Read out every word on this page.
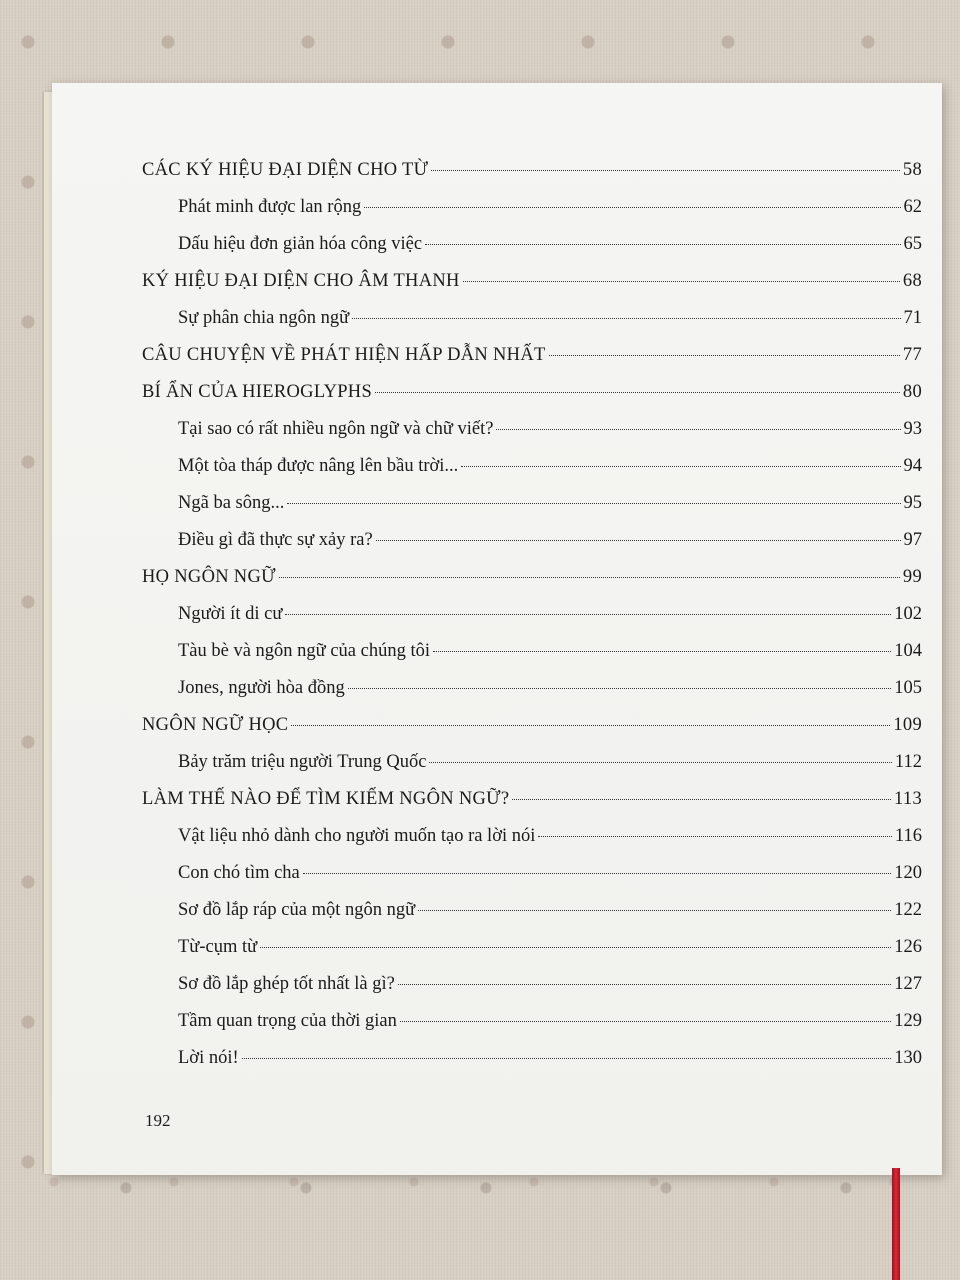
CÁC KÝ HIỆU ĐẠI DIỆN CHO TỪ	58
Phát minh được lan rộng	62
Dấu hiệu đơn giản hóa công việc	65
KÝ HIỆU ĐẠI DIỆN CHO ÂM THANH	68
Sự phân chia ngôn ngữ	71
CÂU CHUYỆN VỀ PHÁT HIỆN HẤP DẪN NHẤT	77
BÍ ẨN CỦA HIEROGLYPHS	80
Tại sao có rất nhiều ngôn ngữ và chữ viết?	93
Một tòa tháp được nâng lên bầu trời...	94
Ngã ba sông...	95
Điều gì đã thực sự xảy ra?	97
HỌ NGÔN NGỮ	99
Người ít di cư	102
Tàu bè và ngôn ngữ của chúng tôi	104
Jones, người hòa đồng	105
NGÔN NGỮ HỌC	109
Bảy trăm triệu người Trung Quốc	112
LÀM THẾ NÀO ĐỂ TÌM KIẾM NGÔN NGỮ?	113
Vật liệu nhỏ dành cho người muốn tạo ra lời nói	116
Con chó tìm cha	120
Sơ đồ lắp ráp của một ngôn ngữ	122
Từ-cụm từ	126
Sơ đồ lắp ghép tốt nhất là gì?	127
Tầm quan trọng của thời gian	129
Lời nói!	130
192
